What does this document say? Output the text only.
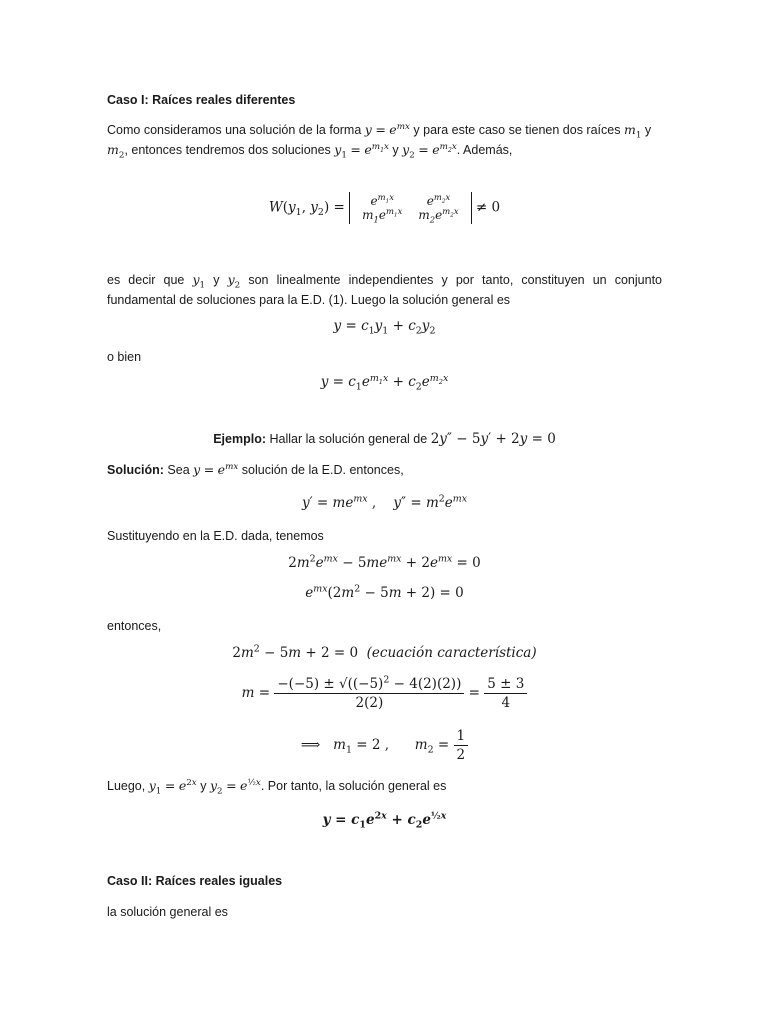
Caso I: Raíces reales diferentes
Como consideramos una solución de la forma $y = e^{mx}$ y para este caso se tienen dos raíces $m_1$ y
$m_2$, entonces tendremos dos soluciones $y_1 = e^{m_1x}$ y $y_2 = e^{m_2x}$. Además,
$W(y_1$, $y_2) = e^{m_1x}$	$e^{m_2x}$
$m_1e^{m_1x}$	$m_2e^{m_2x} \ne 0$
es decir que $y_1$ y $y_2$ son linealmente independientes y por tanto, constituyen un conjunto fundamental de soluciones para la E.D. (1). Luego la solución general es
$y = c_1y_1 + c_2y_2$
o bien
$y = c_1e^{m_1x} + c_2e^{m_2x}$
Ejemplo: Hallar la solución general de 2y″ − 5y′ + 2y = 0
Solución: Sea $y = e^{mx}$ solución de la E.D. entonces,
$y' = me^{mx}$ ,    $y'' = m^2e^{mx}$
Sustituyendo en la E.D. dada, tenemos
$2m^2e^{mx} - 5me^{mx} + 2e^{mx} = 0$
$e^{mx}(2m^2 - 5m + 2) = 0$
entonces,
$2m^2 - 5m + 2 = 0$  (ecuación característica)
$m = \frac{-(-5) \pm √((-5)^2 - 4(2)(2))}{2(2)} = \frac{5 \pm 3}{4}$
⟹   $m_1 = 2$ ,      $m_2 = \frac{1}{2}$
Luego, $y_1 = e^{2x}$ y $y_2 = e^{\frac{1}{2}x}$. Por tanto, la solución general es
$y = c_1e^{2x} + c_2e^{\frac{1}{2}x}$
Caso II: Raíces reales iguales
la solución general es
